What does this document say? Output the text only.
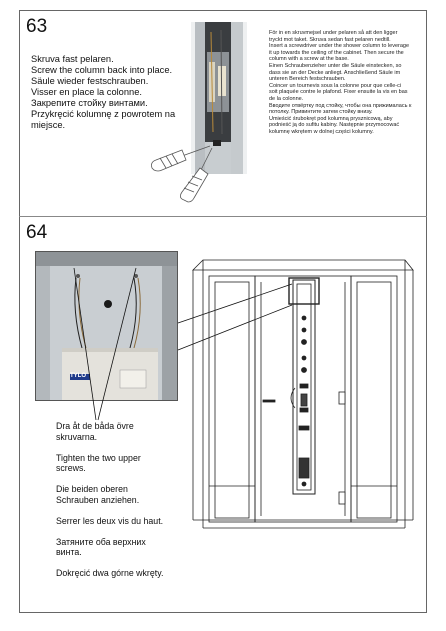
63
Skruva fast pelaren.
Screw the column back into place.
Säule wieder festschrauben.
Visser en place la colonne.
Закрепите стойку винтами.
Przykręcić kolumnę z powrotem na
miejsce.
För in en skruvmejsel under pelaren så att den ligger
tryckt mot taket. Skruva sedan fast pelaren nedtill.
Insert a screwdriver under the shower column to leverage
it up towards the ceiling of the cabinet. Then secure the
column with a screw at the base.
Einen Schraubenzieher unter die Säule einstecken, so
dass sie an der Decke anliegt. Anschließend Säule im
unteren Bereich festschrauben.
Coincer un tournevis sous la colonne pour que celle-ci
soit plaquée contre le plafond. Fixer ensuite la vis en bas
de la colonne.
Вводите отвёртку под стойку, чтобы она прижималась к
потолку. Привинтите затем стойку внизу.
Umieścić śrubokręt pod kolumną prysznicową, aby
podnieść ją do sufitu kabiny. Następnie przymocować
kolumnę wkrętem w dolnej części kolumny.
64
TYLO
Dra åt de båda övre
skruvarna.
Tighten the two upper
screws.
Die beiden oberen
Schrauben anziehen.
Serrer les deux vis du haut.
Затяните оба верхних
винта.
Dokręcić dwa górne wkręty.
